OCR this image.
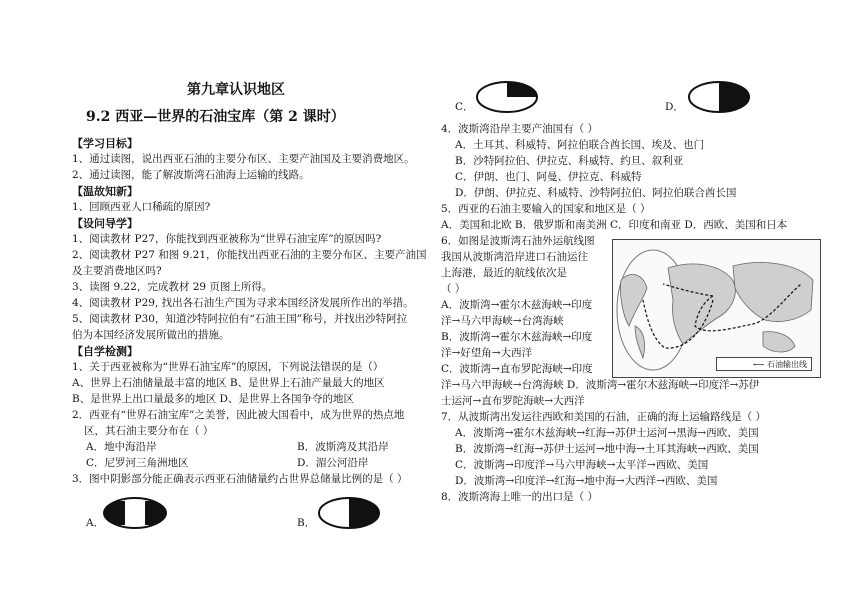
第九章认识地区
9.2 西亚—世界的石油宝库（第 2 课时）
【学习目标】
1、通过读图，说出西亚石油的主要分布区、主要产油国及主要消费地区。
2、通过读图，能了解波斯湾石油海上运输的线路。
【温故知新】
1、回顾西亚人口稀疏的原因?
【设问导学】
1、阅读教材 P27，你能找到西亚被称为“世界石油宝库”的原因吗?
2、阅读教材 P27 和图 9.21，你能找出西亚石油的主要分布区、主要产油国
及主要消费地区吗?
3、读图 9.22，完成教材 29 页图上所得。
4、阅读教材 P29, 找出各石油生产国为寻求本国经济发展所作出的举措。
5、阅读教材 P30，知道沙特阿拉伯有“石油王国”称号，并找出沙特阿拉
伯为本国经济发展所做出的措施。
【自学检测】
1、关于西亚被称为“世界石油宝库”的原因，下列说法错误的是（）
A、世界上石油储量最丰富的地区 B、是世界上石油产量最大的地区
B、是世界上出口量最多的地区 D、是世界上各国争夺的地区
2．西亚有“世界石油宝库”之美誉，因此被大国看中，成为世界的热点地
区，其石油主要分布在（ ）
A．地中海沿岸	B．波斯湾及其沿岸
C．尼罗河三角洲地区	D．湄公河沿岸
3．图中阴影部分能正确表示西亚石油储量约占世界总储量比例的是（ ）
A．	B．
C．	D．
4．波斯湾沿岸主要产油国有（ ）
A．土耳其、科威特、阿拉伯联合酋长国、埃及、也门
B．沙特阿拉伯、伊拉克、科威特、约旦、叙利亚
C．伊朗、也门、阿曼、伊拉克、科威特
D．伊朗、伊拉克、科威特、沙特阿拉伯、阿拉伯联合酋长国
5．西亚的石油主要输入的国家和地区是（ ）
A．美国和北欧 B．俄罗斯和南美洲 C．印度和南亚 D．西欧、美国和日本
6．如图是波斯湾石油外运航线图
我国从波斯湾沿岸进口石油运往
上海港，最近的航线依次是
（ ）
A．波斯湾→霍尔木兹海峡→印度
洋→马六甲海峡→台湾海峡
B．波斯湾→霍尔木兹海峡→印度
洋→好望角→大西洋
C．波斯湾→直布罗陀海峡→印度
洋→马六甲海峡→台湾海峡 D．波斯湾→霍尔木兹海峡→印度洋→苏伊
士运河→直布罗陀海峡→大西洋
⟵ 石油输出线
7．从波斯湾出发运往西欧和美国的石油，正确的海上运输路线是（ ）
A．波斯湾→霍尔木兹海峡→红海→苏伊士运河→黑海→西欧、美国
B．波斯湾→红海→苏伊士运河→地中海→土耳其海峡→西欧、美国
C．波斯湾→印度洋→马六甲海峡→太平洋→西欧、美国
D．波斯湾→印度洋→红海→地中海→大西洋→西欧、美国
8．波斯湾海上唯一的出口是（ ）
